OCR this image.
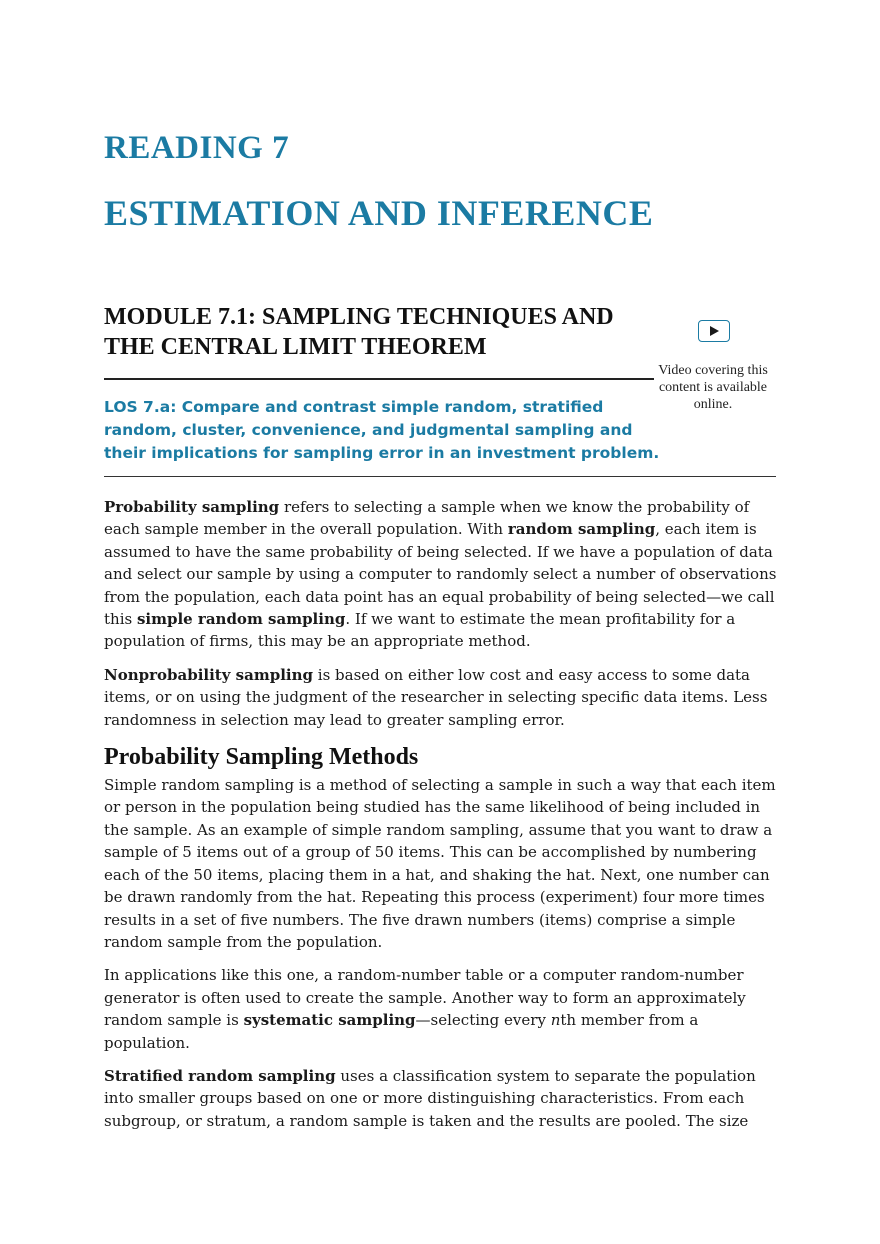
READING 7
ESTIMATION AND INFERENCE
MODULE 7.1: SAMPLING TECHNIQUES AND THE CENTRAL LIMIT THEOREM
Video covering this content is available online.

LOS 7.a: Compare and contrast simple random, stratified random, cluster, convenience, and judgmental sampling and their implications for sampling error in an investment problem.

Probability sampling refers to selecting a sample when we know the probability of each sample member in the overall population. With random sampling, each item is assumed to have the same probability of being selected. If we have a population of data and select our sample by using a computer to randomly select a number of observations from the population, each data point has an equal probability of being selected—we call this simple random sampling. If we want to estimate the mean profitability for a population of firms, this may be an appropriate method.

Nonprobability sampling is based on either low cost and easy access to some data items, or on using the judgment of the researcher in selecting specific data items. Less randomness in selection may lead to greater sampling error.

Probability Sampling Methods

Simple random sampling is a method of selecting a sample in such a way that each item or person in the population being studied has the same likelihood of being included in the sample. As an example of simple random sampling, assume that you want to draw a sample of 5 items out of a group of 50 items. This can be accomplished by numbering each of the 50 items, placing them in a hat, and shaking the hat. Next, one number can be drawn randomly from the hat. Repeating this process (experiment) four more times results in a set of five numbers. The five drawn numbers (items) comprise a simple random sample from the population.

In applications like this one, a random-number table or a computer random-number generator is often used to create the sample. Another way to form an approximately random sample is systematic sampling—selecting every nth member from a population.

Stratified random sampling uses a classification system to separate the population into smaller groups based on one or more distinguishing characteristics. From each subgroup, or stratum, a random sample is taken and the results are pooled. The size
